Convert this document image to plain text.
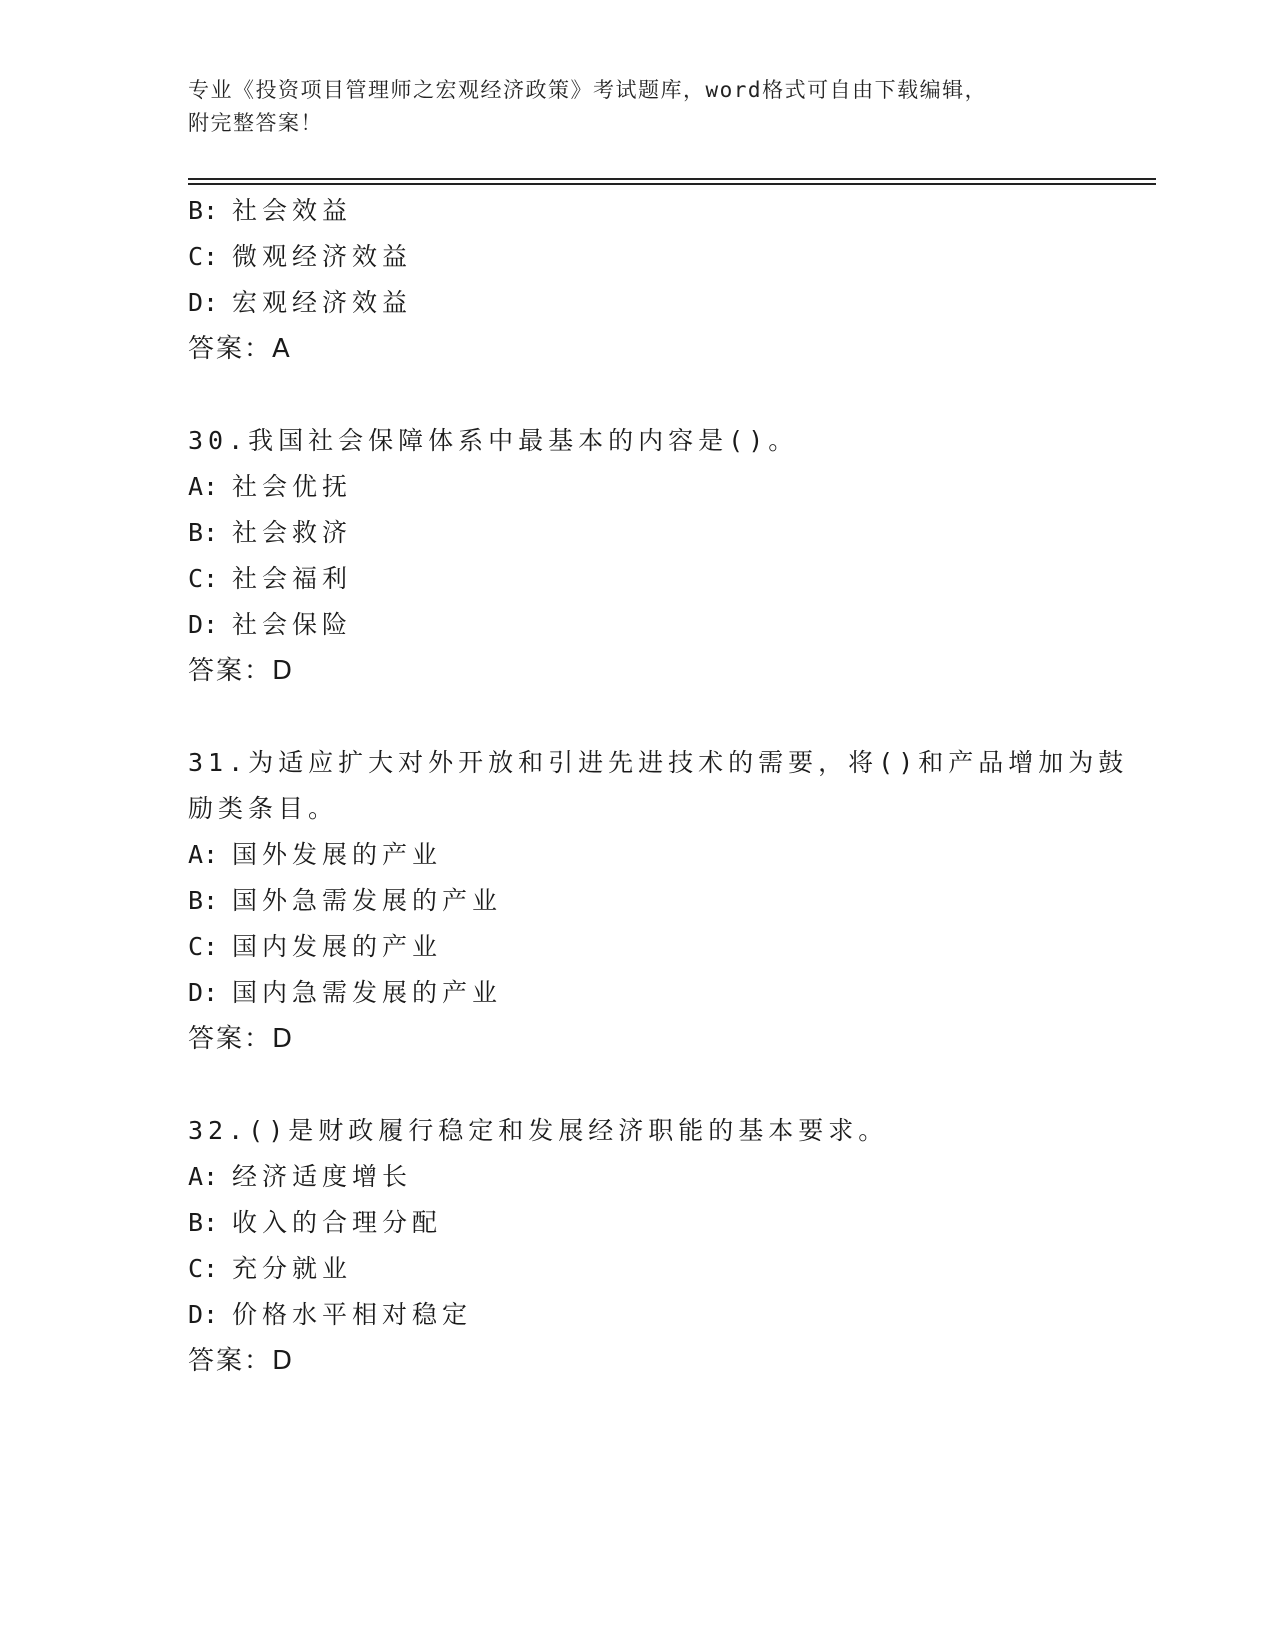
专业《投资项目管理师之宏观经济政策》考试题库，word格式可自由下载编辑，
附完整答案！
B: 社会效益
C: 微观经济效益
D: 宏观经济效益
答案：A
30.我国社会保障体系中最基本的内容是()。
A: 社会优抚
B: 社会救济
C: 社会福利
D: 社会保险
答案：D
31.为适应扩大对外开放和引进先进技术的需要，将()和产品增加为鼓
励类条目。
A: 国外发展的产业
B: 国外急需发展的产业
C: 国内发展的产业
D: 国内急需发展的产业
答案：D
32.()是财政履行稳定和发展经济职能的基本要求。
A: 经济适度增长
B: 收入的合理分配
C: 充分就业
D: 价格水平相对稳定
答案：D
